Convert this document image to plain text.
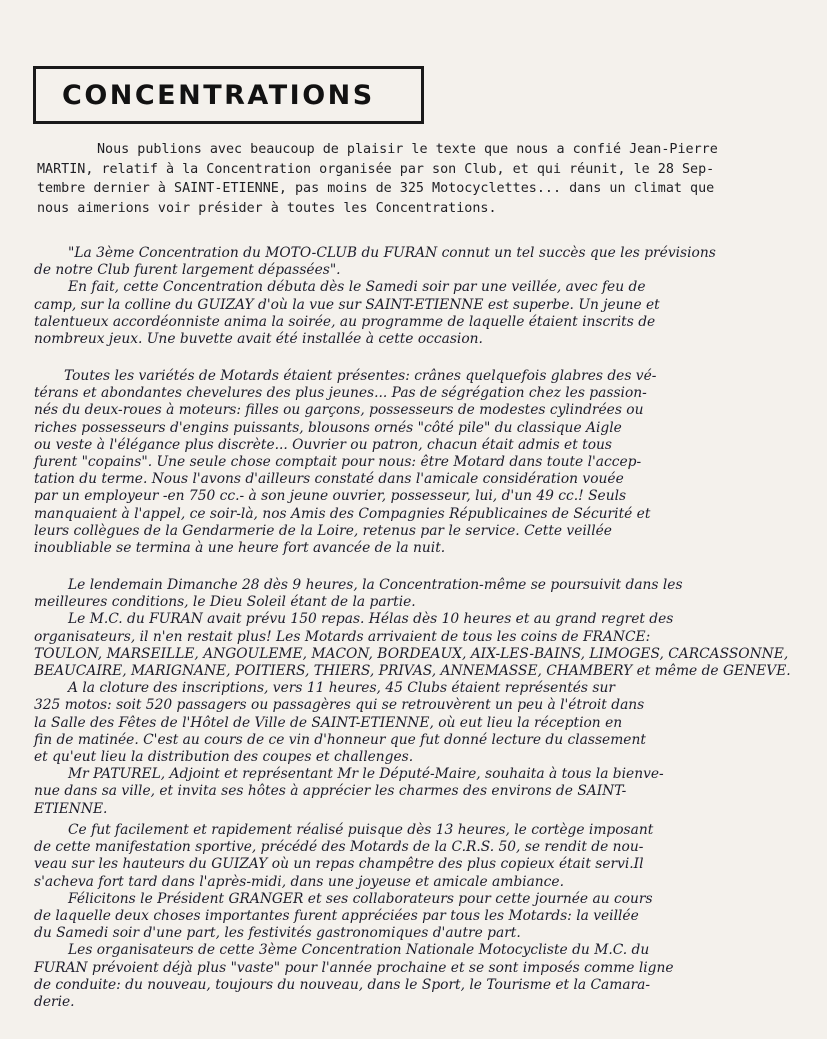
CONCENTRATIONS

Nous publions avec beaucoup de plaisir le texte que nous a confié Jean-Pierre

MARTIN, relatif à la Concentration organisée par son Club, et qui réunit, le 28 Sep-

tembre dernier à SAINT-ETIENNE, pas moins de 325 Motocyclettes... dans un climat que

nous aimerions voir présider à toutes les Concentrations.

"La 3ème Concentration du MOTO-CLUB du FURAN connut un tel succès que les prévisions

de notre Club furent largement dépassées".

En fait, cette Concentration débuta dès le Samedi soir par une veillée, avec feu de

camp, sur la colline du GUIZAY d'où la vue sur SAINT-ETIENNE est superbe. Un jeune et

talentueux accordéonniste anima la soirée, au programme de laquelle étaient inscrits de

nombreux jeux. Une buvette avait été installée à cette occasion.

Toutes les variétés de Motards étaient présentes: crânes quelquefois glabres des vé-

térans et abondantes chevelures des plus jeunes... Pas de ségrégation chez les passion-

nés du deux-roues à moteurs: filles ou garçons, possesseurs de modestes cylindrées ou

riches possesseurs d'engins puissants, blousons ornés "côté pile" du classique Aigle

ou veste à l'élégance plus discrète... Ouvrier ou patron, chacun était admis et tous

furent "copains". Une seule chose comptait pour nous: être Motard dans toute l'accep-

tation du terme. Nous l'avons d'ailleurs constaté dans l'amicale considération vouée

par un employeur -en 750 cc.- à son jeune ouvrier, possesseur, lui, d'un 49 cc.! Seuls

manquaient à l'appel, ce soir-là, nos Amis des Compagnies Républicaines de Sécurité et

leurs collègues de la Gendarmerie de la Loire, retenus par le service. Cette veillée

inoubliable se termina à une heure fort avancée de la nuit.

Le lendemain Dimanche 28 dès 9 heures, la Concentration-même se poursuivit dans les

meilleures conditions, le Dieu Soleil étant de la partie.

Le M.C. du FURAN avait prévu 150 repas. Hélas dès 10 heures et au grand regret des

organisateurs, il n'en restait plus! Les Motards arrivaient de tous les coins de FRANCE:

TOULON, MARSEILLE, ANGOULEME, MACON, BORDEAUX, AIX-LES-BAINS, LIMOGES, CARCASSONNE,

BEAUCAIRE, MARIGNANE, POITIERS, THIERS, PRIVAS, ANNEMASSE, CHAMBERY et même de GENEVE.

A la cloture des inscriptions, vers 11 heures, 45 Clubs étaient représentés sur

325 motos: soit 520 passagers ou passagères qui se retrouvèrent un peu à l'étroit dans

la Salle des Fêtes de l'Hôtel de Ville de SAINT-ETIENNE, où eut lieu la réception en

fin de matinée. C'est au cours de ce vin d'honneur que fut donné lecture du classement

et qu'eut lieu la distribution des coupes et challenges.

Mr PATUREL, Adjoint et représentant Mr le Député-Maire, souhaita à tous la bienve-

nue dans sa ville, et invita ses hôtes à apprécier les charmes des environs de SAINT-

ETIENNE.

Ce fut facilement et rapidement réalisé puisque dès 13 heures, le cortège imposant

de cette manifestation sportive, précédé des Motards de la C.R.S. 50, se rendit de nou-

veau sur les hauteurs du GUIZAY où un repas champêtre des plus copieux était servi.Il

s'acheva fort tard dans l'après-midi, dans une joyeuse et amicale ambiance.

Félicitons le Président GRANGER et ses collaborateurs pour cette journée au cours

de laquelle deux choses importantes furent appréciées par tous les Motards: la veillée

du Samedi soir d'une part, les festivités gastronomiques d'autre part.

Les organisateurs de cette 3ème Concentration Nationale Motocycliste du M.C. du

FURAN prévoient déjà plus "vaste" pour l'année prochaine et se sont imposés comme ligne

de conduite: du nouveau, toujours du nouveau, dans le Sport, le Tourisme et la Camara-

derie.
